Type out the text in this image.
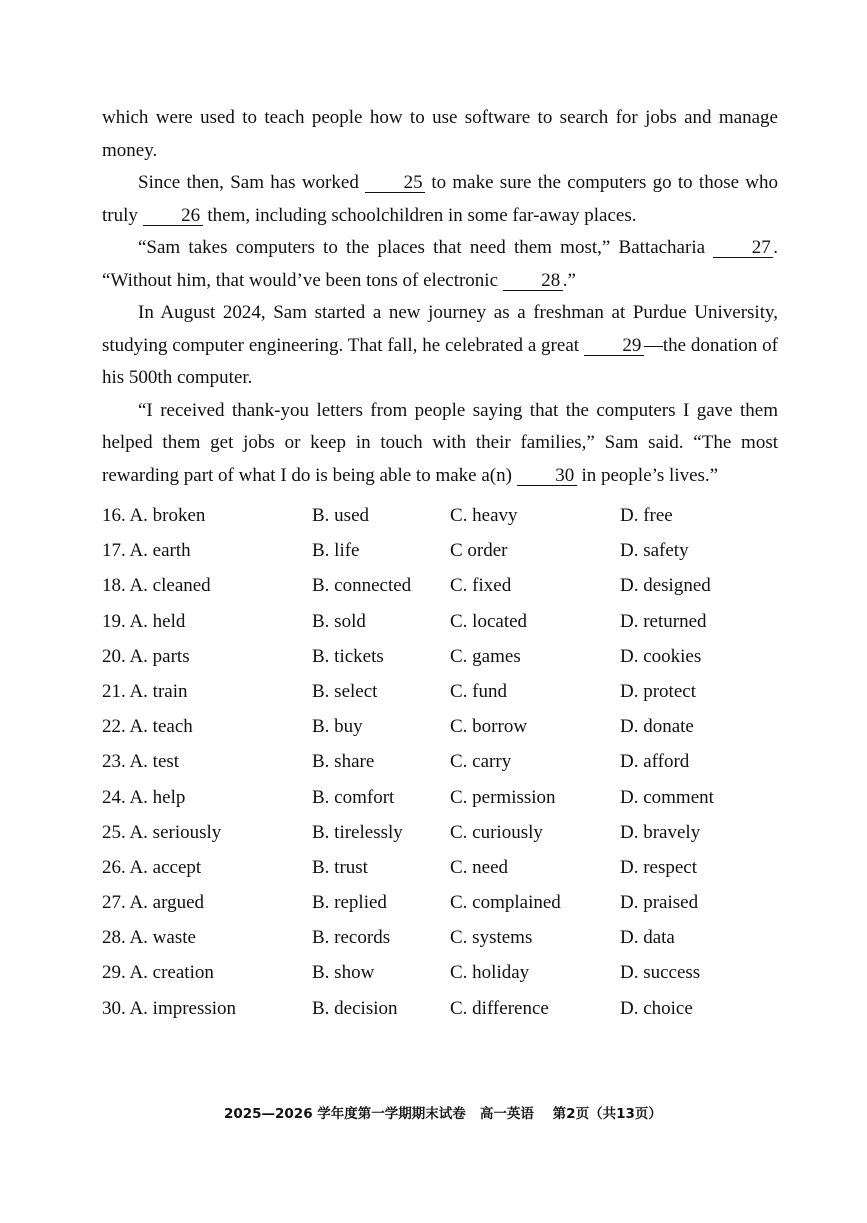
which were used to teach people how to use software to search for jobs and manage money.

Since then, Sam has worked 25 to make sure the computers go to those who truly 26 them, including schoolchildren in some far-away places.

“Sam takes computers to the places that need them most,” Battacharia 27 . “Without him, that would’ve been tons of electronic 28 .”

In August 2024, Sam started a new journey as a freshman at Purdue University, studying computer engineering. That fall, he celebrated a great 29 —the donation of his 500th computer.

“I received thank-you letters from people saying that the computers I gave them helped them get jobs or keep in touch with their families,” Sam said. “The most rewarding part of what I do is being able to make a(n) 30 in people’s lives.”

16. A. broken	B. used	C. heavy	D. free
17. A. earth	B. life	C order	D. safety
18. A. cleaned	B. connected C. fixed	D. designed
19. A. held	B. sold	C. located	D. returned
20. A. parts	B. tickets	C. games	D. cookies
21. A. train	B. select	C. fund	D. protect
22. A. teach	B. buy	C. borrow	D. donate
23. A. test	B. share	C. carry	D. afford
24. A. help	B. comfort	C. permission	D. comment
25. A. seriously	B. tirelessly C. curiously	D. bravely
26. A. accept	B. trust	C. need	D. respect
27. A. argued	B. replied	C. complained	D. praised
28. A. waste	B. records	C. systems	D. data
29. A. creation	B. show	C. holiday	D. success
30. A. impression	B. decision	C. difference	D. choice

2025—2026 学年度第一学期期末试卷   高一英语    第2页（共13页）
